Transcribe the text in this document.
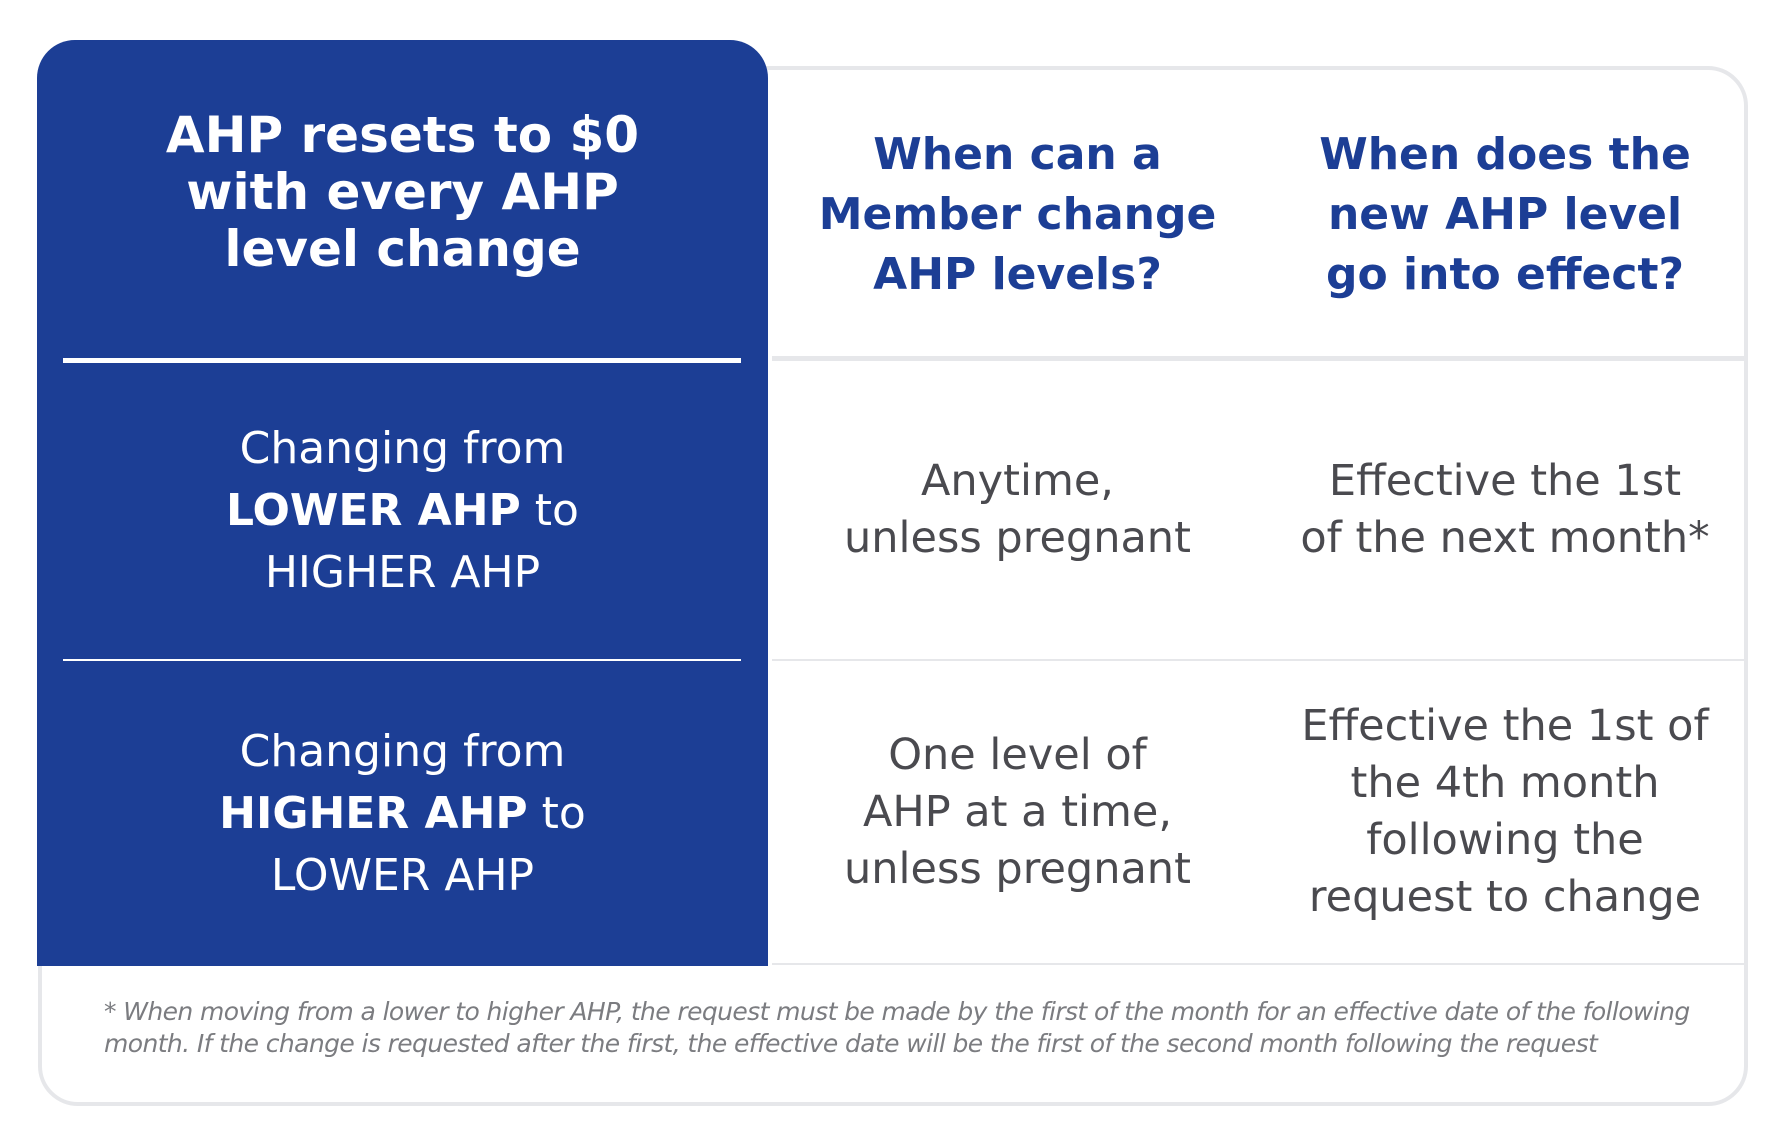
AHP resets to $0
with every AHP
level change
Changing from
LOWER AHP to
HIGHER AHP
Changing from
HIGHER AHP to
LOWER AHP
When can a
Member change
AHP levels?
When does the
new AHP level
go into effect?
Anytime,
unless pregnant
Effective the 1st
of the next month*
One level of
AHP at a time,
unless pregnant
Effective the 1st of
the 4th month
following the
request to change
* When moving from a lower to higher AHP, the request must be made by the first of the month for an effective date of the following month. If the change is requested after the first, the effective date will be the first of the second month following the request
